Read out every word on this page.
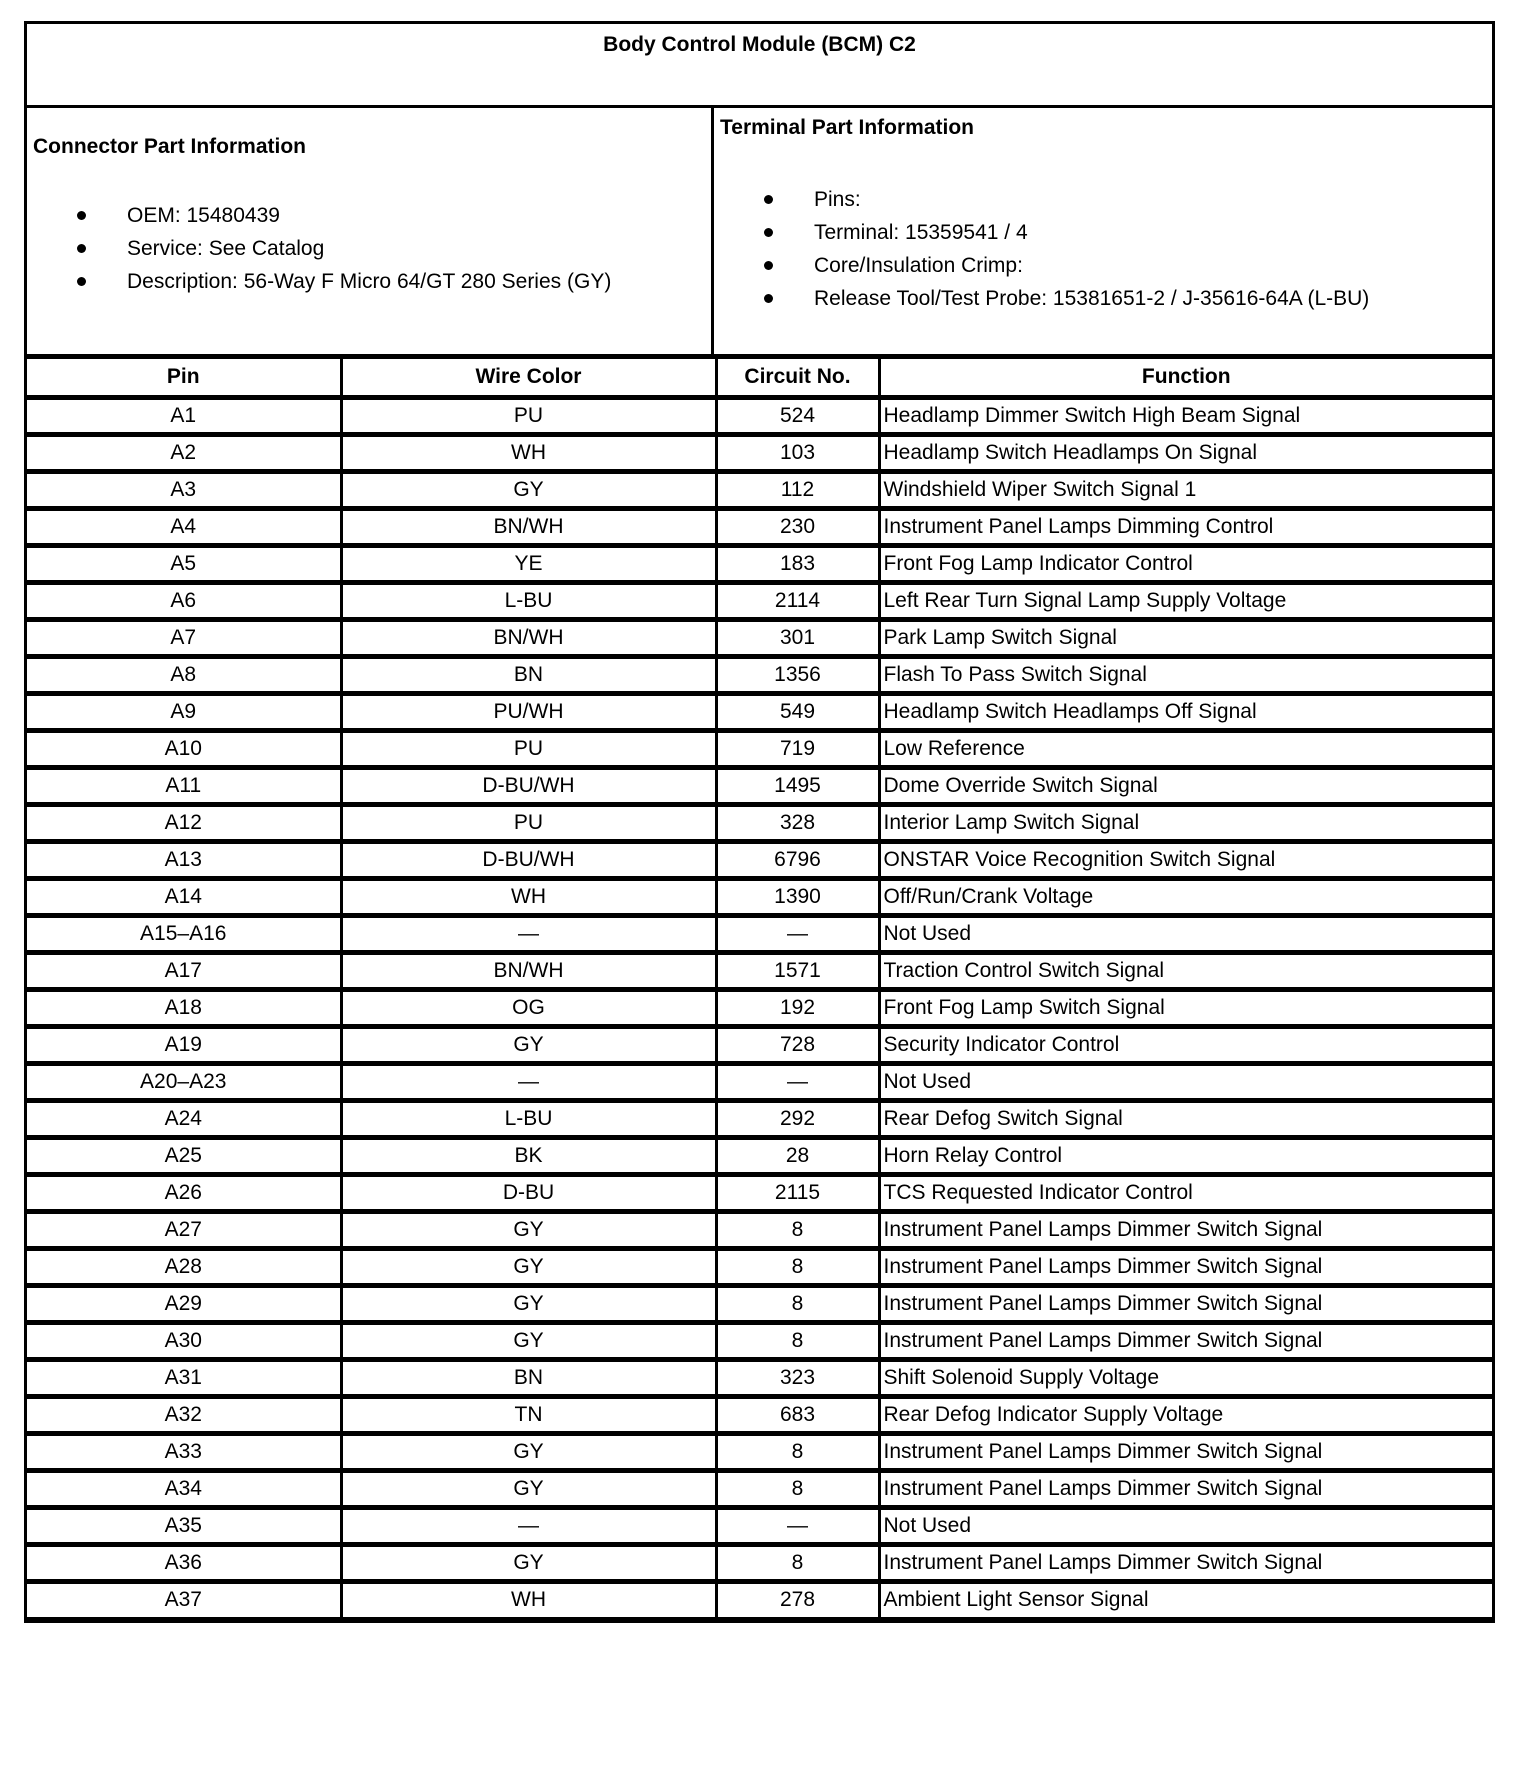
Body Control Module (BCM) C2
Connector Part Information
OEM: 15480439
Service: See Catalog
Description: 56-Way F Micro 64/GT 280 Series (GY)
Terminal Part Information
Pins:
Terminal: 15359541 / 4
Core/Insulation Crimp:
Release Tool/Test Probe: 15381651-2 / J-35616-64A (L-BU)
Pin	Wire Color	Circuit No.	Function
A1	PU	524	Headlamp Dimmer Switch High Beam Signal
A2	WH	103	Headlamp Switch Headlamps On Signal
A3	GY	112	Windshield Wiper Switch Signal 1
A4	BN/WH	230	Instrument Panel Lamps Dimming Control
A5	YE	183	Front Fog Lamp Indicator Control
A6	L-BU	2114	Left Rear Turn Signal Lamp Supply Voltage
A7	BN/WH	301	Park Lamp Switch Signal
A8	BN	1356	Flash To Pass Switch Signal
A9	PU/WH	549	Headlamp Switch Headlamps Off Signal
A10	PU	719	Low Reference
A11	D-BU/WH	1495	Dome Override Switch Signal
A12	PU	328	Interior Lamp Switch Signal
A13	D-BU/WH	6796	ONSTAR Voice Recognition Switch Signal
A14	WH	1390	Off/Run/Crank Voltage
A15–A16	—	—	Not Used
A17	BN/WH	1571	Traction Control Switch Signal
A18	OG	192	Front Fog Lamp Switch Signal
A19	GY	728	Security Indicator Control
A20–A23	—	—	Not Used
A24	L-BU	292	Rear Defog Switch Signal
A25	BK	28	Horn Relay Control
A26	D-BU	2115	TCS Requested Indicator Control
A27	GY	8	Instrument Panel Lamps Dimmer Switch Signal
A28	GY	8	Instrument Panel Lamps Dimmer Switch Signal
A29	GY	8	Instrument Panel Lamps Dimmer Switch Signal
A30	GY	8	Instrument Panel Lamps Dimmer Switch Signal
A31	BN	323	Shift Solenoid Supply Voltage
A32	TN	683	Rear Defog Indicator Supply Voltage
A33	GY	8	Instrument Panel Lamps Dimmer Switch Signal
A34	GY	8	Instrument Panel Lamps Dimmer Switch Signal
A35	—	—	Not Used
A36	GY	8	Instrument Panel Lamps Dimmer Switch Signal
A37	WH	278	Ambient Light Sensor Signal
